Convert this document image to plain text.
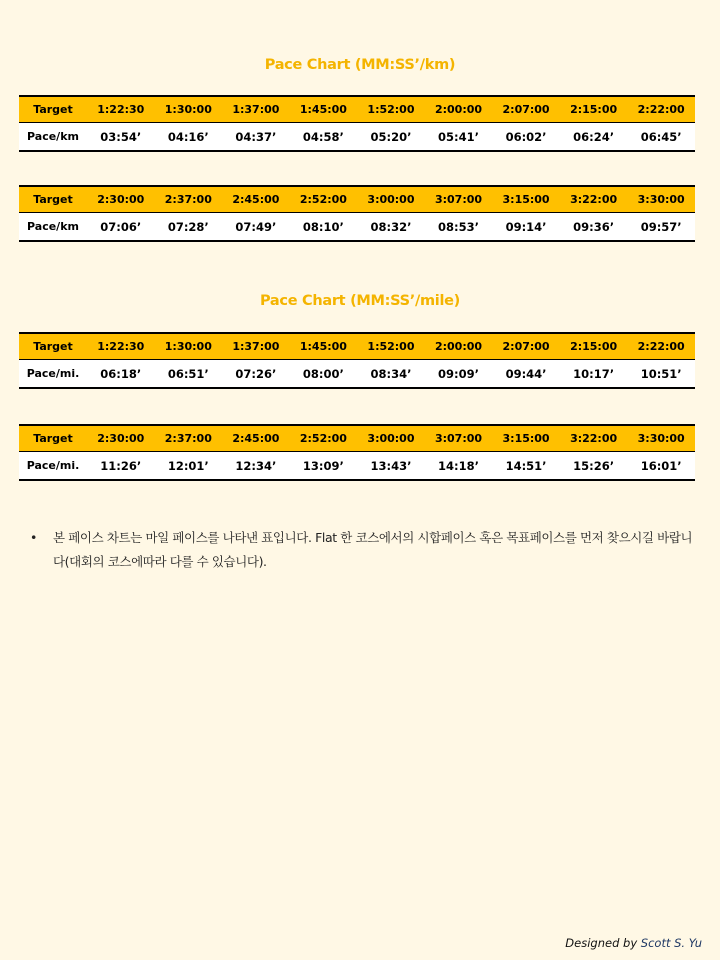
Pace Chart (MM:SS’/km)
Target	1:22:30	1:30:00	1:37:00	1:45:00	1:52:00	2:00:00	2:07:00	2:15:00	2:22:00
Pace/km	03:54’	04:16’	04:37’	04:58’	05:20’	05:41’	06:02’	06:24’	06:45’
Target	2:30:00	2:37:00	2:45:00	2:52:00	3:00:00	3:07:00	3:15:00	3:22:00	3:30:00
Pace/km	07:06’	07:28’	07:49’	08:10’	08:32’	08:53’	09:14’	09:36’	09:57’
Pace Chart (MM:SS’/mile)
Target	1:22:30	1:30:00	1:37:00	1:45:00	1:52:00	2:00:00	2:07:00	2:15:00	2:22:00
Pace/mi.	06:18’	06:51’	07:26’	08:00’	08:34’	09:09’	09:44’	10:17’	10:51’
Target	2:30:00	2:37:00	2:45:00	2:52:00	3:00:00	3:07:00	3:15:00	3:22:00	3:30:00
Pace/mi.	11:26’	12:01’	12:34’	13:09’	13:43’	14:18’	14:51’	15:26’	16:01’
•	본 페이스 차트는 마일 페이스를 나타낸 표입니다. Flat 한 코스에서의 시합페이스 혹은 목표페이스를 먼저 찾으시길 바랍니다(대회의 코스에따라 다를 수 있습니다).
Designed by Scott S. Yu
